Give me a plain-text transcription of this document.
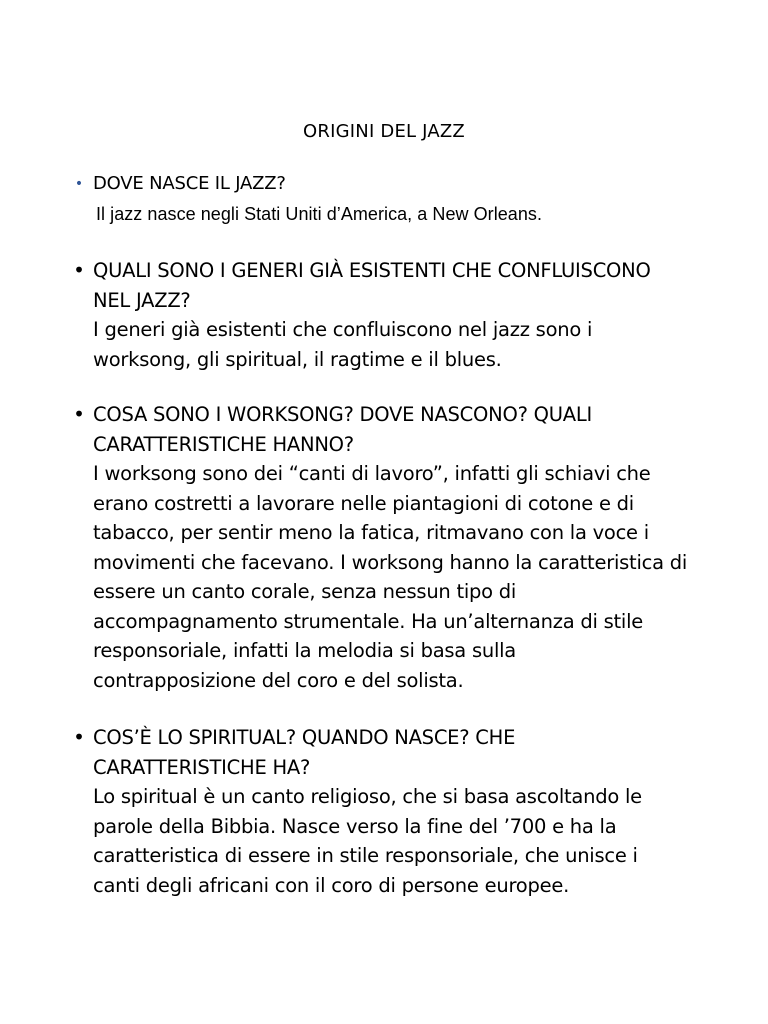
ORIGINI DEL JAZZ
• DOVE NASCE IL JAZZ?
Il jazz nasce negli Stati Uniti d’America, a New Orleans.
• QUALI SONO I GENERI GIÀ ESISTENTI CHE CONFLUISCONO
NEL JAZZ?
I generi già esistenti che confluiscono nel jazz sono i
worksong, gli spiritual, il ragtime e il blues.
• COSA SONO I WORKSONG? DOVE NASCONO? QUALI
CARATTERISTICHE HANNO?
I worksong sono dei “canti di lavoro”, infatti gli schiavi che
erano costretti a lavorare nelle piantagioni di cotone e di
tabacco, per sentir meno la fatica, ritmavano con la voce i
movimenti che facevano. I worksong hanno la caratteristica di
essere un canto corale, senza nessun tipo di
accompagnamento strumentale. Ha un’alternanza di stile
responsoriale, infatti la melodia si basa sulla
contrapposizione del coro e del solista.
• COS’È LO SPIRITUAL? QUANDO NASCE? CHE
CARATTERISTICHE HA?
Lo spiritual è un canto religioso, che si basa ascoltando le
parole della Bibbia. Nasce verso la fine del ’700 e ha la
caratteristica di essere in stile responsoriale, che unisce i
canti degli africani con il coro di persone europee.
